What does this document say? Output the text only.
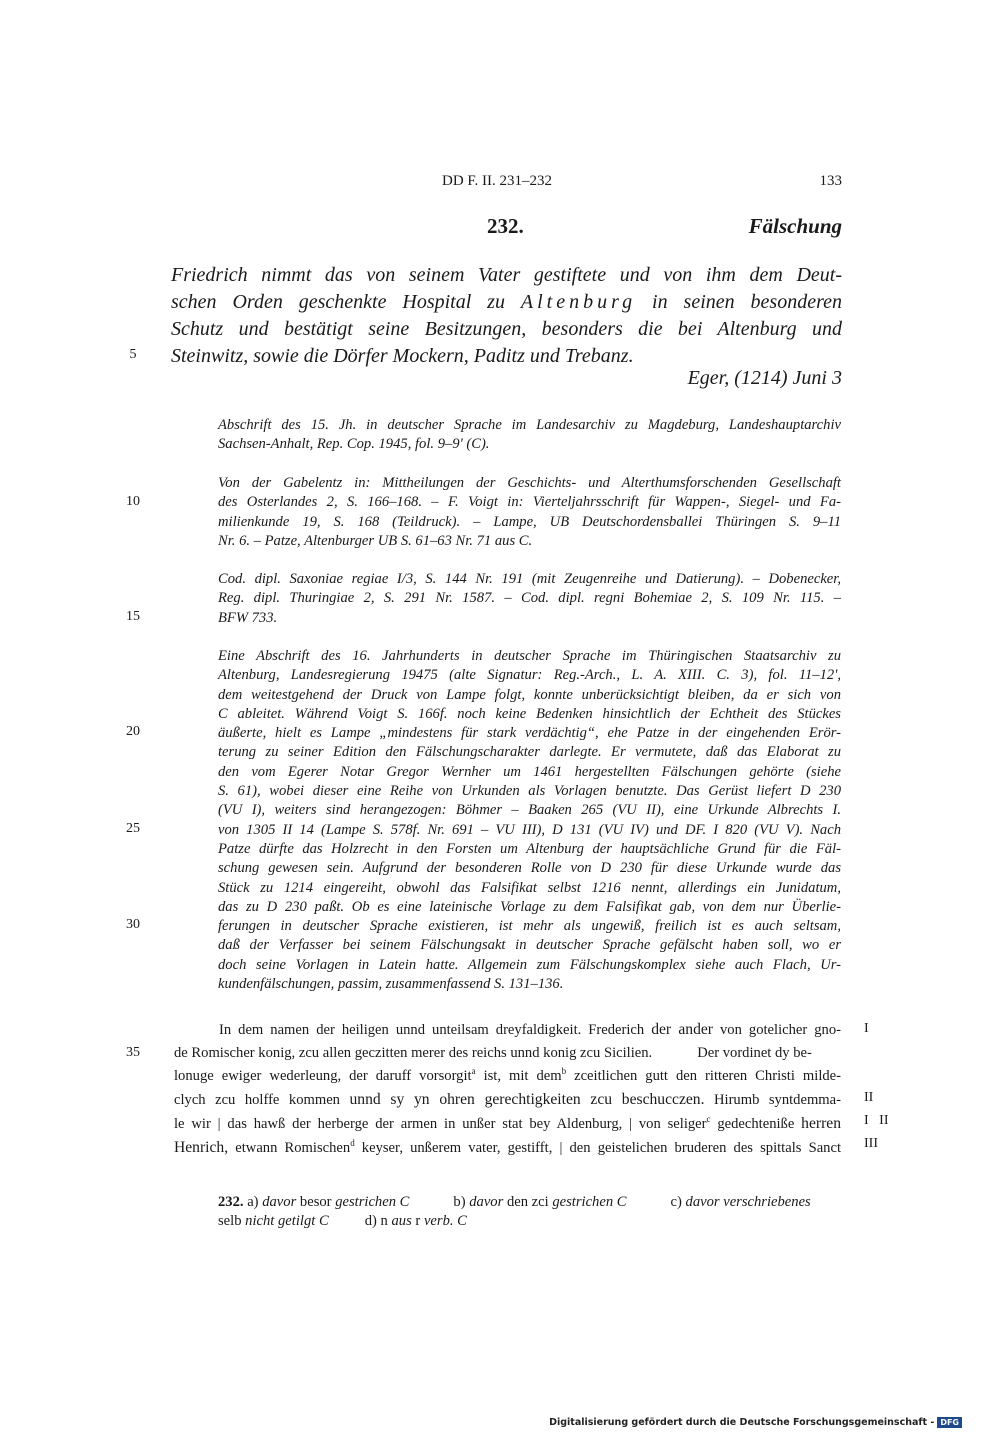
DD F. II. 231–232	133
232.	Fälschung
Friedrich nimmt das von seinem Vater gestiftete und von ihm dem Deut-
schen Orden geschenkte Hospital zu Altenburg in seinen besonderen
Schutz und bestätigt seine Besitzungen, besonders die bei Altenburg und
Steinwitz, sowie die Dörfer Mockern, Paditz und Trebanz.
Eger, (1214) Juni 3
5
10
15
20
25
30
35
Abschrift des 15. Jh. in deutscher Sprache im Landesarchiv zu Magdeburg, Landeshauptarchiv
Sachsen-Anhalt, Rep. Cop. 1945, fol. 9–9' (C).
Von der Gabelentz in: Mittheilungen der Geschichts- und Alterthumsforschenden Gesellschaft
des Osterlandes 2, S. 166–168. – F. Voigt in: Vierteljahrsschrift für Wappen-, Siegel- und Fa-
milienkunde 19, S. 168 (Teildruck). – Lampe, UB Deutschordensballei Thüringen S. 9–11
Nr. 6. – Patze, Altenburger UB S. 61–63 Nr. 71 aus C.
Cod. dipl. Saxoniae regiae I/3, S. 144 Nr. 191 (mit Zeugenreihe und Datierung). – Dobenecker,
Reg. dipl. Thuringiae 2, S. 291 Nr. 1587. – Cod. dipl. regni Bohemiae 2, S. 109 Nr. 115. –
BFW 733.
Eine Abschrift des 16. Jahrhunderts in deutscher Sprache im Thüringischen Staatsarchiv zu
Altenburg, Landesregierung 19475 (alte Signatur: Reg.-Arch., L. A. XIII. C. 3), fol. 11–12',
dem weitestgehend der Druck von Lampe folgt, konnte unberücksichtigt bleiben, da er sich von
C ableitet. Während Voigt S. 166f. noch keine Bedenken hinsichtlich der Echtheit des Stückes
äußerte, hielt es Lampe „mindestens für stark verdächtig“, ehe Patze in der eingehenden Erör-
terung zu seiner Edition den Fälschungscharakter darlegte. Er vermutete, daß das Elaborat zu
den vom Egerer Notar Gregor Wernher um 1461 hergestellten Fälschungen gehörte (siehe
S. 61), wobei dieser eine Reihe von Urkunden als Vorlagen benutzte. Das Gerüst liefert D 230
(VU I), weiters sind herangezogen: Böhmer – Baaken 265 (VU II), eine Urkunde Albrechts I.
von 1305 II 14 (Lampe S. 578f. Nr. 691 – VU III), D 131 (VU IV) und DF. I 820 (VU V). Nach
Patze dürfte das Holzrecht in den Forsten um Altenburg der hauptsächliche Grund für die Fäl-
schung gewesen sein. Aufgrund der besonderen Rolle von D 230 für diese Urkunde wurde das
Stück zu 1214 eingereiht, obwohl das Falsifikat selbst 1216 nennt, allerdings ein Junidatum,
das zu D 230 paßt. Ob es eine lateinische Vorlage zu dem Falsifikat gab, von dem nur Überlie-
ferungen in deutscher Sprache existieren, ist mehr als ungewiß, freilich ist es auch seltsam,
daß der Verfasser bei seinem Fälschungsakt in deutscher Sprache gefälscht haben soll, wo er
doch seine Vorlagen in Latein hatte. Allgemein zum Fälschungskomplex siehe auch Flach, Ur-
kundenfälschungen, passim, zusammenfassend S. 131–136.
In dem namen der heiligen unnd unteilsam dreyfaldigkeit. Frederich der ander von gotelicher gno-
de Romischer konig, zcu allen geczitten merer des reichs unnd konig zcu Sicilien.	Der vordinet dy be-
lonuge ewiger wederleung, der daruff vorsorgit$^a$ ist, mit dem$^b$ zceitlichen gutt den ritteren Christi milde-
clych zcu holffe kommen unnd sy yn ohren gerechtigkeiten zcu beschucczen. Hirumb syntdemma-
le wir | das hawß der herberge der armen in unßer stat bey Aldenburg, | von seliger$^c$ gedechteniße herren
Henrich, etwann Romischen$^d$ keyser, unßerem vater, gestifft, | den geistelichen bruderen des spittals Sanct
I
II
I   II
III
232. a) davor besor gestrichen C	b) davor den zci gestrichen C	c) davor verschriebenes
selb nicht getilgt C d) n aus r verb. C
Digitalisierung gefördert durch die Deutsche Forschungsgemeinschaft - DFG
